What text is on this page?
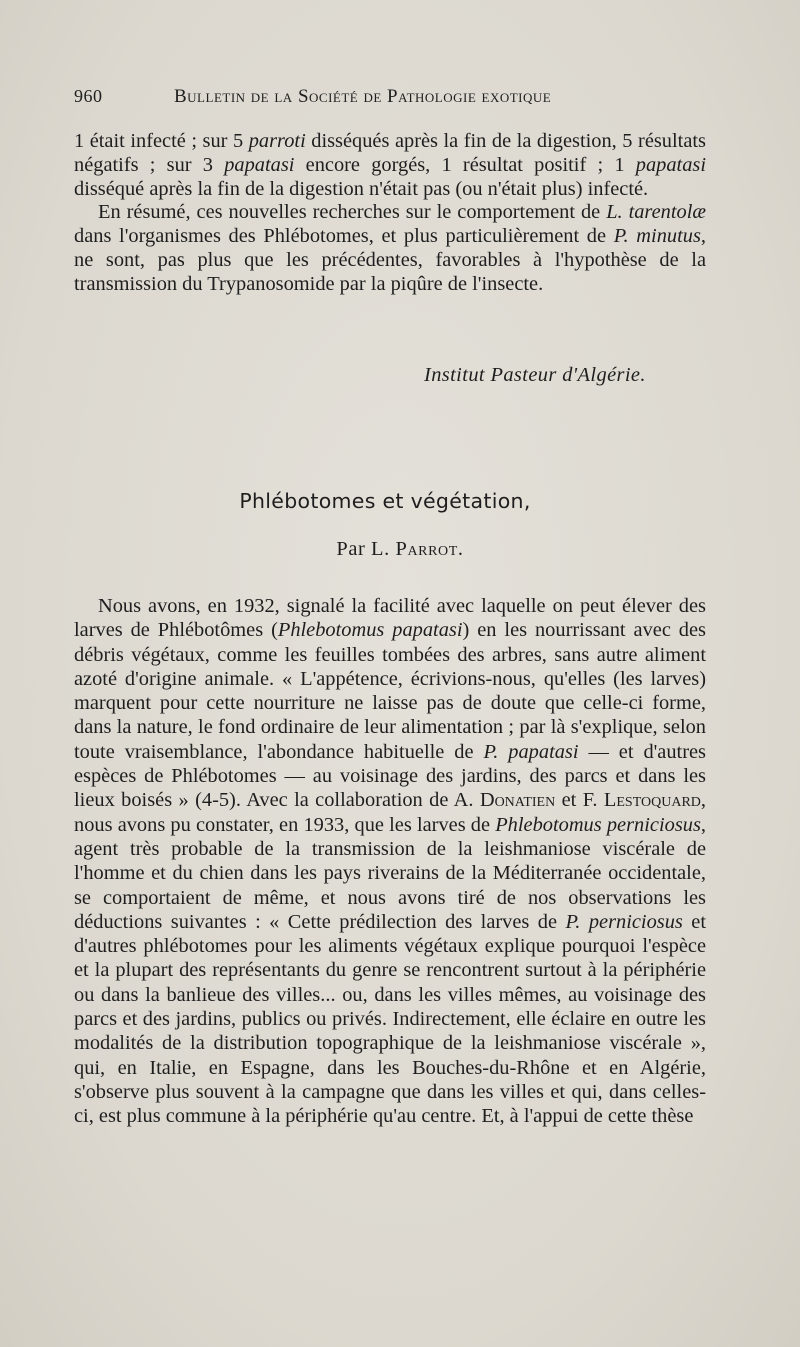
960	Bulletin de la Société de Pathologie exotique

1 était infecté ; sur 5 parroti disséqués après la fin de la digestion, 5 résultats négatifs ; sur 3 papatasi encore gorgés, 1 résultat positif ; 1 papatasi disséqué après la fin de la digestion n'était pas (ou n'était plus) infecté.

En résumé, ces nouvelles recherches sur le comportement de L. tarentolæ dans l'organismes des Phlébotomes, et plus particulièrement de P. minutus, ne sont, pas plus que les précédentes, favorables à l'hypothèse de la transmission du Trypanosomide par la piqûre de l'insecte.

Institut Pasteur d'Algérie.
Phlébotomes et végétation,
Par L. Parrot.

Nous avons, en 1932, signalé la facilité avec laquelle on peut élever des larves de Phlébotômes (Phlebotomus papatasi) en les nourrissant avec des débris végétaux, comme les feuilles tombées des arbres, sans autre aliment azoté d'origine animale. « L'appétence, écrivions-nous, qu'elles (les larves) marquent pour cette nourriture ne laisse pas de doute que celle-ci forme, dans la nature, le fond ordinaire de leur alimentation ; par là s'explique, selon toute vraisemblance, l'abondance habituelle de P. papatasi — et d'autres espèces de Phlébotomes — au voisinage des jardins, des parcs et dans les lieux boisés » (4-5). Avec la collaboration de A. Donatien et F. Lestoquard, nous avons pu constater, en 1933, que les larves de Phlebotomus perniciosus, agent très probable de la transmission de la leishmaniose viscérale de l'homme et du chien dans les pays riverains de la Méditerranée occidentale, se comportaient de même, et nous avons tiré de nos observations les déductions suivantes : « Cette prédilection des larves de P. perniciosus et d'autres phlébotomes pour les aliments végétaux explique pourquoi l'espèce et la plupart des représentants du genre se rencontrent surtout à la périphérie ou dans la banlieue des villes... ou, dans les villes mêmes, au voisinage des parcs et des jardins, publics ou privés. Indirectement, elle éclaire en outre les modalités de la distribution topographique de la leishmaniose viscérale », qui, en Italie, en Espagne, dans les Bouches-du-Rhône et en Algérie, s'observe plus souvent à la campagne que dans les villes et qui, dans celles-ci, est plus commune à la périphérie qu'au centre. Et, à l'appui de cette thèse
